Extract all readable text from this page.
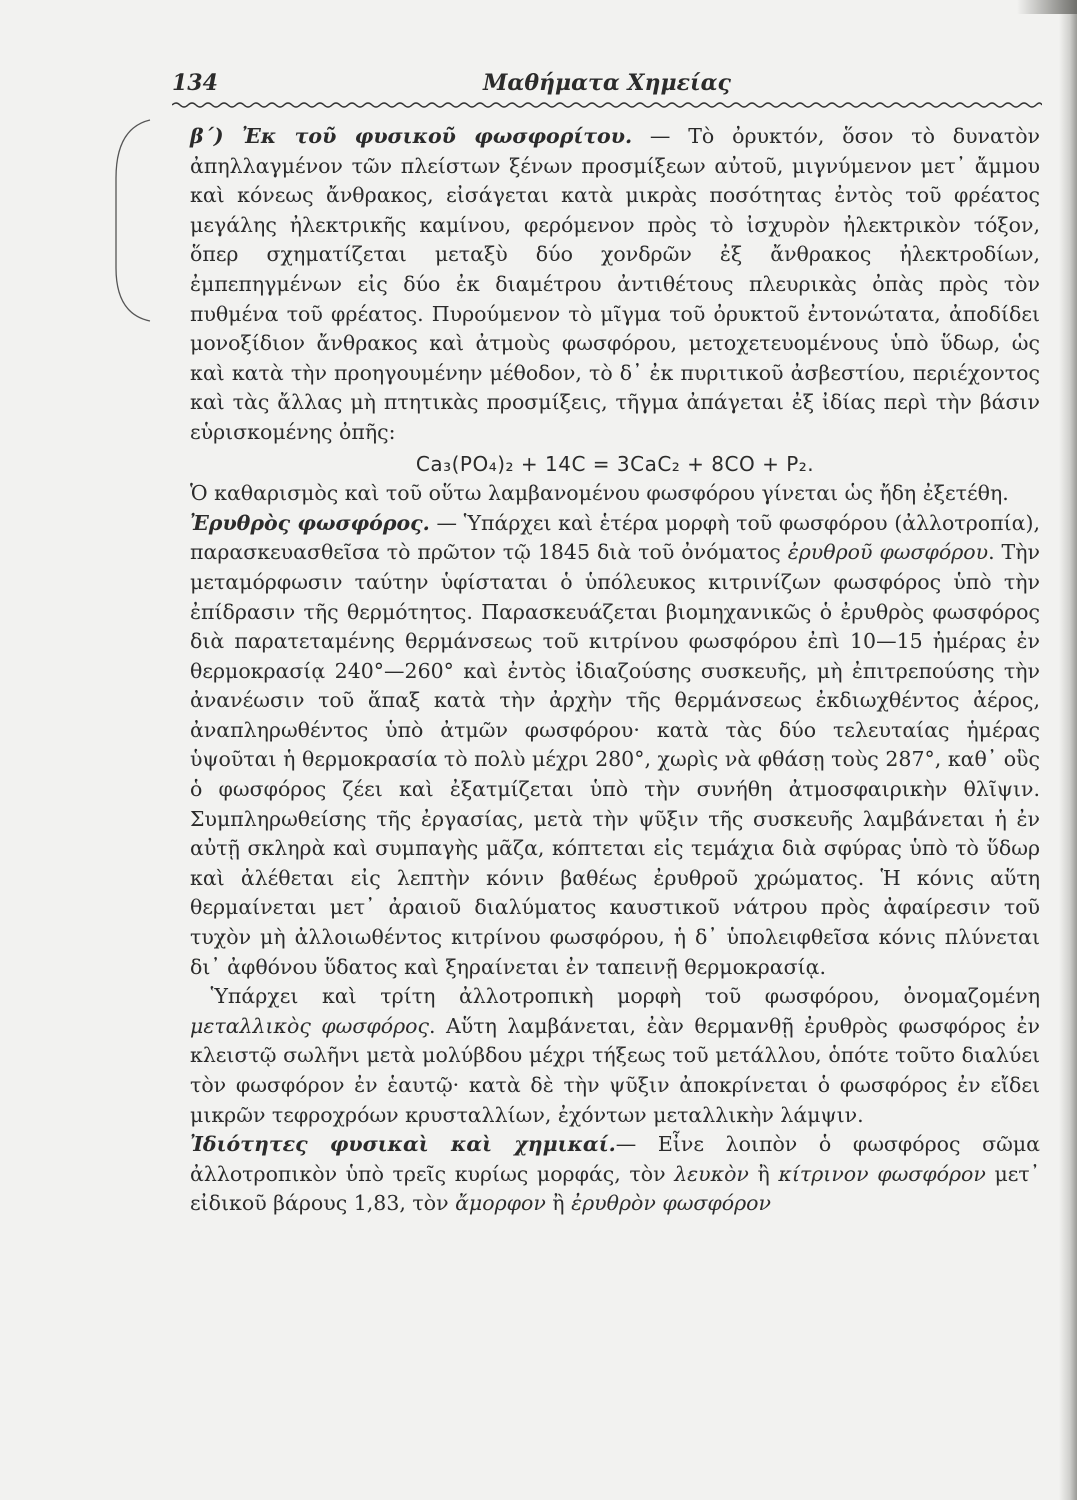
134	Μαθήματα Χημείας

β΄) Ἐκ τοῦ φυσικοῦ φωσφορίτου. — Τὸ ὀρυκτόν, ὅσον τὸ δυνατὸν ἀπηλλαγμένον τῶν πλείστων ξένων προσμίξεων αὐτοῦ, μιγνύμενον μετ᾽ ἄμμου καὶ κόνεως ἄνθρακος, εἰσάγεται κατὰ μικρὰς ποσότητας ἐντὸς τοῦ φρέατος μεγάλης ἠλεκτρικῆς καμίνου, φερόμενον πρὸς τὸ ἰσχυρὸν ἠλεκτρικὸν τόξον, ὅπερ σχηματίζεται μεταξὺ δύο χονδρῶν ἐξ ἄνθρακος ἠλεκτροδίων, ἐμπεπηγμένων εἰς δύο ἐκ διαμέτρου ἀντιθέτους πλευρικὰς ὀπὰς πρὸς τὸν πυθμένα τοῦ φρέατος. Πυρούμενον τὸ μῖγμα τοῦ ὀρυκτοῦ ἐντονώτατα, ἀποδίδει μονοξίδιον ἄνθρακος καὶ ἀτμοὺς φωσφόρου, μετοχετευομένους ὑπὸ ὕδωρ, ὡς καὶ κατὰ τὴν προηγουμένην μέθοδον, τὸ δ᾽ ἐκ πυριτικοῦ ἀσβεστίου, περιέχοντος καὶ τὰς ἄλλας μὴ πτητικὰς προσμίξεις, τῆγμα ἀπάγεται ἐξ ἰδίας περὶ τὴν βάσιν εὑρισκομένης ὀπῆς:

Ca₃(PO₄)₂ + 14C = 3CaC₂ + 8CO + P₂.

Ὁ καθαρισμὸς καὶ τοῦ οὕτω λαμβανομένου φωσφόρου γίνεται ὡς ἤδη ἐξετέθη.

Ἐρυθρὸς φωσφόρος. — Ὑπάρχει καὶ ἑτέρα μορφὴ τοῦ φωσφόρου (ἀλλοτροπία), παρασκευασθεῖσα τὸ πρῶτον τῷ 1845 διὰ τοῦ ὀνόματος ἐρυθροῦ φωσφόρου. Τὴν μεταμόρφωσιν ταύτην ὑφίσταται ὁ ὑπόλευκος κιτρινίζων φωσφόρος ὑπὸ τὴν ἐπίδρασιν τῆς θερμότητος. Παρασκευάζεται βιομηχανικῶς ὁ ἐρυθρὸς φωσφόρος διὰ παρατεταμένης θερμάνσεως τοῦ κιτρίνου φωσφόρου ἐπὶ 10—15 ἡμέρας ἐν θερμοκρασίᾳ 240°—260° καὶ ἐντὸς ἰδιαζούσης συσκευῆς, μὴ ἐπιτρεπούσης τὴν ἀνανέωσιν τοῦ ἅπαξ κατὰ τὴν ἀρχὴν τῆς θερμάνσεως ἐκδιωχθέντος ἀέρος, ἀναπληρωθέντος ὑπὸ ἀτμῶν φωσφόρου· κατὰ τὰς δύο τελευταίας ἡμέρας ὑψοῦται ἡ θερμοκρασία τὸ πολὺ μέχρι 280°, χωρὶς νὰ φθάσῃ τοὺς 287°, καθ᾽ οὓς ὁ φωσφόρος ζέει καὶ ἐξατμίζεται ὑπὸ τὴν συνήθη ἀτμοσφαιρικὴν θλῖψιν. Συμπληρωθείσης τῆς ἐργασίας, μετὰ τὴν ψῦξιν τῆς συσκευῆς λαμβάνεται ἡ ἐν αὐτῇ σκληρὰ καὶ συμπαγὴς μᾶζα, κόπτεται εἰς τεμάχια διὰ σφύρας ὑπὸ τὸ ὕδωρ καὶ ἀλέθεται εἰς λεπτὴν κόνιν βαθέως ἐρυθροῦ χρώματος. Ἡ κόνις αὕτη θερμαίνεται μετ᾽ ἀραιοῦ διαλύματος καυστικοῦ νάτρου πρὸς ἀφαίρεσιν τοῦ τυχὸν μὴ ἀλλοιωθέντος κιτρίνου φωσφόρου, ἡ δ᾽ ὑπολειφθεῖσα κόνις πλύνεται δι᾽ ἀφθόνου ὕδατος καὶ ξηραίνεται ἐν ταπεινῇ θερμοκρασίᾳ.

 Ὑπάρχει καὶ τρίτη ἀλλοτροπικὴ μορφὴ τοῦ φωσφόρου, ὀνομαζομένη μεταλλικὸς φωσφόρος. Αὕτη λαμβάνεται, ἐὰν θερμανθῇ ἐρυθρὸς φωσφόρος ἐν κλειστῷ σωλῆνι μετὰ μολύβδου μέχρι τήξεως τοῦ μετάλλου, ὁπότε τοῦτο διαλύει τὸν φωσφόρον ἐν ἑαυτῷ· κατὰ δὲ τὴν ψῦξιν ἀποκρίνεται ὁ φωσφόρος ἐν εἴδει μικρῶν τεφροχρόων κρυσταλλίων, ἐχόντων μεταλλικὴν λάμψιν.

Ἰδιότητες φυσικαὶ καὶ χημικαί.— Εἶνε λοιπὸν ὁ φωσφόρος σῶμα ἀλλοτροπικὸν ὑπὸ τρεῖς κυρίως μορφάς, τὸν λευκὸν ἢ κίτρινον φωσφόρον μετ᾽ εἰδικοῦ βάρους 1,83, τὸν ἄμορφον ἢ ἐρυθρὸν φωσφόρον
